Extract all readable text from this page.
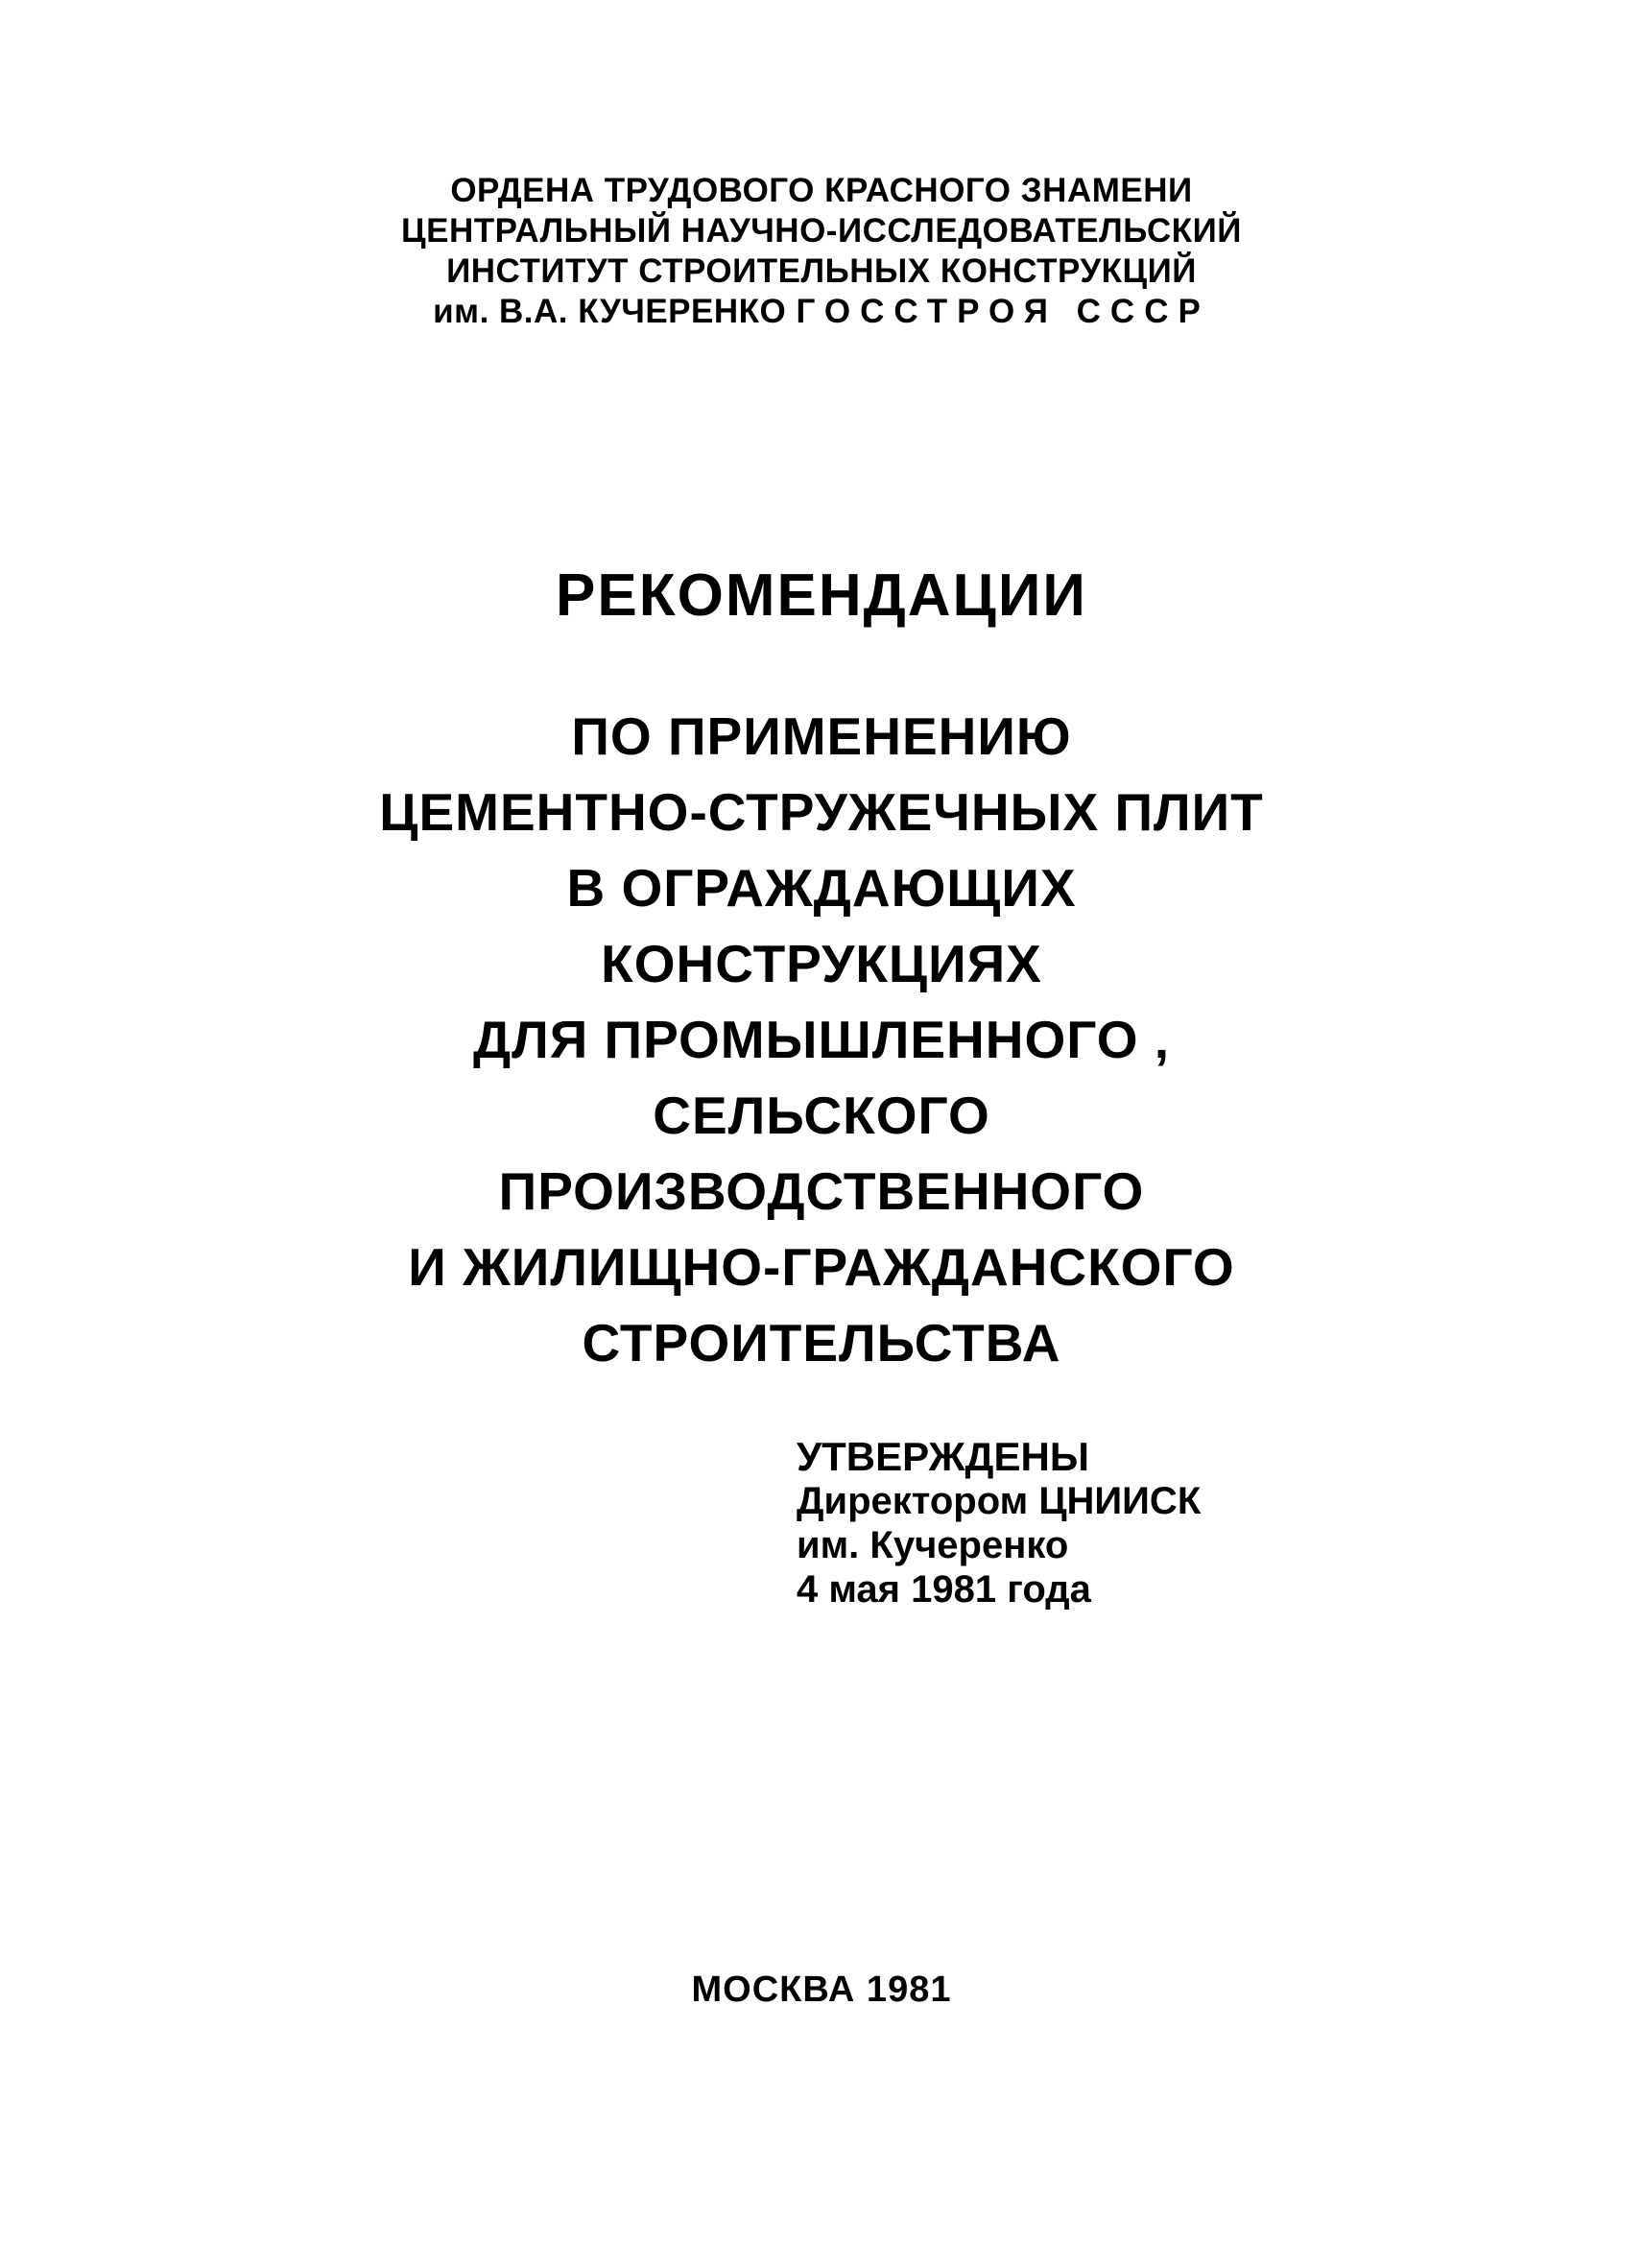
ОРДЕНА ТРУДОВОГО КРАСНОГО ЗНАМЕНИ
ЦЕНТРАЛЬНЫЙ НАУЧНО-ИССЛЕДОВАТЕЛЬСКИЙ
ИНСТИТУТ СТРОИТЕЛЬНЫХ КОНСТРУКЦИЙ
им. В.А. КУЧЕРЕНКО ГОССТРОЯ СССР
РЕКОМЕНДАЦИИ
ПО ПРИМЕНЕНИЮ
ЦЕМЕНТНО-СТРУЖЕЧНЫХ ПЛИТ
В ОГРАЖДАЮЩИХ
КОНСТРУКЦИЯХ
ДЛЯ ПРОМЫШЛЕННОГО ,
СЕЛЬСКОГО
ПРОИЗВОДСТВЕННОГО
И ЖИЛИЩНО-ГРАЖДАНСКОГО
СТРОИТЕЛЬСТВА
УТВЕРЖДЕНЫ
Директором ЦНИИСК
им. Кучеренко
4 мая 1981 года
МОСКВА 1981
